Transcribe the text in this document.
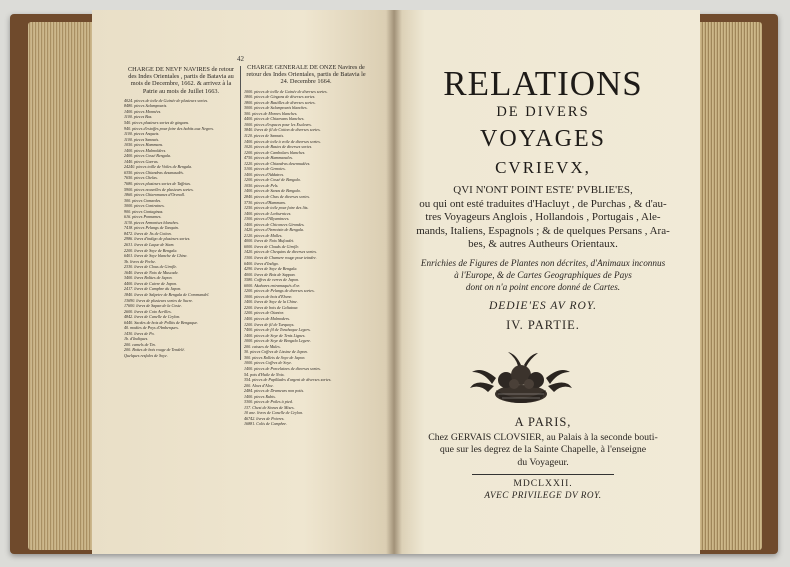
42
CHARGE DE NEVF NAVIRES de retour des Indes Orientales , partis de Batavia au mois de Decembre, 1662. & arrivez à la Patrie au mois de Juillet 1663.
4024. pieces de toile de Guinée de plusieurs sortes.
8480. pieces Salampouris.
1400. pieces Monnées.
1100. pieces Bas.
540. pieces plusieurs sortes de gingans.
940. pieces d'estoffes pour faire des habits aux Negres.
1100. pieces Anquets.
1100. pieces Sannais.
1050. pieces Hammans.
1400. pieces Malmolders.
2400. pieces Cossé Bengala.
1440. pieces Gaeras.
24240. pieces toille de Voiles de Bengala.
6350. pieces Chiandras desanaudés.
7650. pieces Chelas.
7680. pieces plusieurs sortes de Taffetas.
5900. pieces nouvelles de plusieurs sortes.
1860. pieces Chiaromanes d'Orenall.
300. pieces Comardes.
3000. pieces Contraines.
900. pieces Contaginas.
616. pieces Ponnames.
1130. pieces Armonises blanches.
7418. pieces Pelangs de Tanquin.
8472. livres de Jis de Cotton.
2986. livres d'indigo de plusieurs sortes.
2631. livres de Laque de Siam.
2200. livres de Soye de Bengala.
6401. livres de Soye blanche de Chine.
3b. livres de Peche.
2330. livres de Clous de Girofle.
1640. livres de Noix de Muscade.
3400. livres Bolites de Japon.
4400. livres de Cuivre de Japon.
2417. livres de Camphre du Japon.
1840. livres de Salpetre de Bengala de Coromandel.
13690. livres de plusieurs sortes de Sucre.
17600. livres de Sapan de la Coste.
2600. livres de Coto Acrilles.
4842. livres de Canelle de Ceylon.
6440. Sacdes de bois de Pollits de Bengaque.
40. modies de Poys d'Amberques.
1430. livres de Po.
1b. d'Indiques.
200. camels de Tin.
200. Bottes de bois rouge de Tendelé.
Quelques resfales de Soye.
CHARGE GENERALE DE ONZE Navires de retour des Indes Orientales, partis de Batavia le 24. Decembre 1664.
1000. pieces de toille de Guinée de diverses sortes.
1800. pieces de Gingans de diverses sortes.
1800. pieces de Bastilles de diverses sortes.
3000. pieces de Salampouris blanches.
300. pieces de Mornes blanches.
4400. pieces de Chianvans blanches.
1000. pieces d'espaces pour les Esclaves.
3840. livres de fil de Cotton de diverses sortes.
1120. pieces de Sannais.
1400. pieces de toile à voile de diverses sortes.
1020. pieces de Bastes de diverses sortes.
1200. pieces de Cambolaes blanches.
4750. pieces de Hammanales.
1220. pieces de Chiandras desennudées.
3100. pieces de Gemoies.
1400. pieces d'Addatres.
1200. pieces de Cossé de Bengala.
1050. pieces de Pels.
1400. pieces de Sanas de Bengala.
2840. pieces de Chas de diverses sortes.
3730. pieces d'Hammans.
1250. pieces de toile pour faire des lits.
1400. pieces de Leeburnices.
1300. pieces d'Allyaminees.
1400. pieces de Chiconees Girondes.
1420. pieces d'Armoisin de Bengala.
2120. pieces de Malles.
4000. livres de Noix Mufcadet.
6000. livres de Clouds de Girofle.
1420. pieces de Chequins de diverses sortes.
1300. livres de Chamere rouge pour teindre.
6400. livres d'Indigo.
4290. livres de Soye de Bengala.
4000. livres de Bois de Sappan.
3580. Coffres de verres de Japon.
6000. Akahares entramaqués d'or.
1200. pieces de Pelangs de diverses sortes.
1000. pieces de bois d'Ebene.
1400. livres de Soye de la Chine.
2200. livres de bois de Caliatour.
1200. pieces de Otantor.
1400. pieces de Malmoders.
1200. livres de fil de Turquoys.
7400. pieces de fil de Tonchaque Legers.
1400. pieces de Soye de Tenis Lignes.
1000. pieces de Soye de Bengala Legere.
200. caisses de Mules.
30. pieces Coffres de Lissine de Japon.
300. pieces Rollets de Soye de Japon.
1000. pieces Coffres de Soye.
1400. pieces de Porcelaines de diverses sortes.
54. pots d'Huile de Noix.
354. pieces de Papillades d'argent de diverses sortes.
200. Aloes d'Aloe.
2484. pieces de Drameurs non potis.
1400. pieces Rubis.
3300. pieces de Poiles à pied.
137. Chest de Stones de Mises.
10 ane. livres de Canelle de Ceylon.
46742. livres de Poivres.
16881. Colis de Camphre.
RELATIONS
DE DIVERS
VOYAGES
CVRIEVX,
QVI N'ONT POINT ESTE' PVBLIE'ES,
ou qui ont esté traduites d'Hacluyt , de Purchas , & d'au-
tres Voyageurs Anglois , Hollandois , Portugais , Ale-
mands, Italiens, Espagnols ; & de quelques Persans , Ara-
bes, & autres Autheurs Orientaux.
Enrichies de Figures de Plantes non décrites, d'Animaux inconnus
à l'Europe, & de Cartes Geographiques de Pays
dont on n'a point encore donné de Cartes.
DEDIE'ES AV ROY.
IV. PARTIE.
A PARIS,
Chez GERVAIS CLOVSIER, au Palais à la seconde bouti-
que sur les degrez de la Sainte Chapelle, à l'enseigne
du Voyageur.
MDCLXXII.
AVEC PRIVILEGE DV ROY.
